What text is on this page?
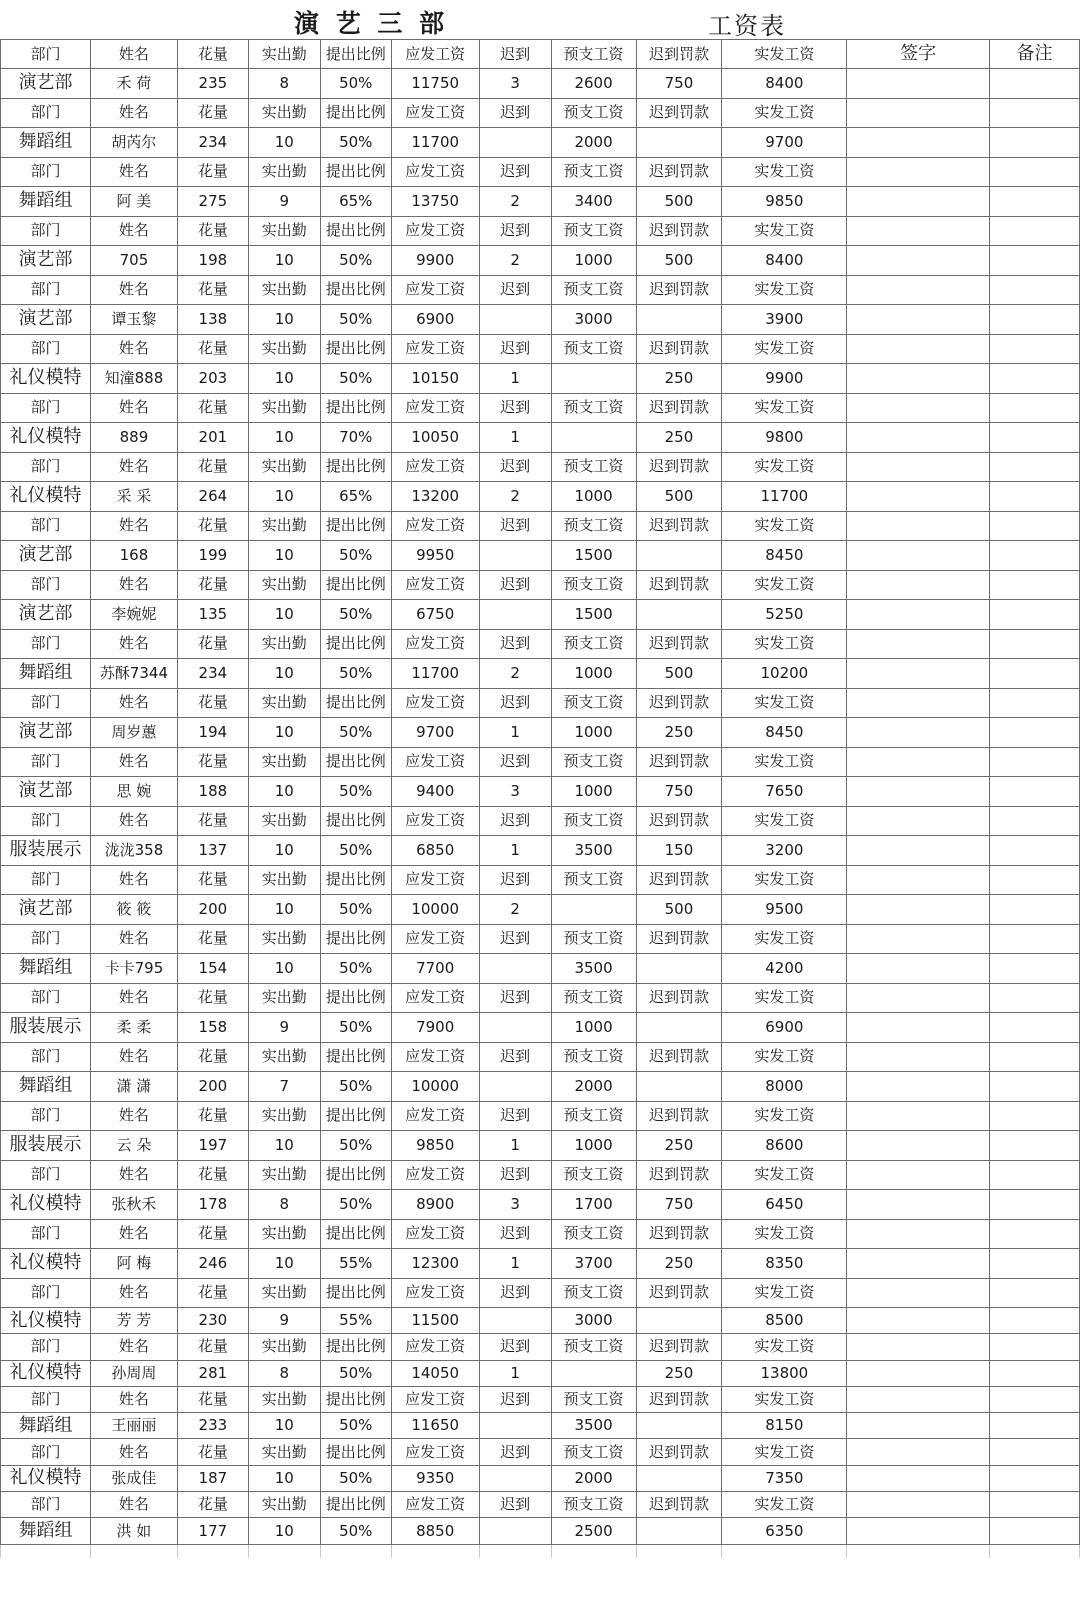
演 艺 三 部	工资表
部门	姓名	花量	实出勤	提出比例	应发工资	迟到	预支工资	迟到罚款	实发工资	签字	备注
演艺部	禾 荷	235	8	50%	11750	3	2600	750	8400		
部门	姓名	花量	实出勤	提出比例	应发工资	迟到	预支工资	迟到罚款	实发工资		
舞蹈组	胡芮尔	234	10	50%	11700		2000		9700		
部门	姓名	花量	实出勤	提出比例	应发工资	迟到	预支工资	迟到罚款	实发工资		
舞蹈组	阿 美	275	9	65%	13750	2	3400	500	9850		
部门	姓名	花量	实出勤	提出比例	应发工资	迟到	预支工资	迟到罚款	实发工资		
演艺部	705	198	10	50%	9900	2	1000	500	8400		
部门	姓名	花量	实出勤	提出比例	应发工资	迟到	预支工资	迟到罚款	实发工资		
演艺部	谭玉黎	138	10	50%	6900		3000		3900		
部门	姓名	花量	实出勤	提出比例	应发工资	迟到	预支工资	迟到罚款	实发工资		
礼仪模特	知潼888	203	10	50%	10150	1		250	9900		
部门	姓名	花量	实出勤	提出比例	应发工资	迟到	预支工资	迟到罚款	实发工资		
礼仪模特	889	201	10	70%	10050	1		250	9800		
部门	姓名	花量	实出勤	提出比例	应发工资	迟到	预支工资	迟到罚款	实发工资		
礼仪模特	采 采	264	10	65%	13200	2	1000	500	11700		
部门	姓名	花量	实出勤	提出比例	应发工资	迟到	预支工资	迟到罚款	实发工资		
演艺部	168	199	10	50%	9950		1500		8450		
部门	姓名	花量	实出勤	提出比例	应发工资	迟到	预支工资	迟到罚款	实发工资		
演艺部	李婉妮	135	10	50%	6750		1500		5250		
部门	姓名	花量	实出勤	提出比例	应发工资	迟到	预支工资	迟到罚款	实发工资		
舞蹈组	苏酥7344	234	10	50%	11700	2	1000	500	10200		
部门	姓名	花量	实出勤	提出比例	应发工资	迟到	预支工资	迟到罚款	实发工资		
演艺部	周岁蕙	194	10	50%	9700	1	1000	250	8450		
部门	姓名	花量	实出勤	提出比例	应发工资	迟到	预支工资	迟到罚款	实发工资		
演艺部	思 婉	188	10	50%	9400	3	1000	750	7650		
部门	姓名	花量	实出勤	提出比例	应发工资	迟到	预支工资	迟到罚款	实发工资		
服装展示	泷泷358	137	10	50%	6850	1	3500	150	3200		
部门	姓名	花量	实出勤	提出比例	应发工资	迟到	预支工资	迟到罚款	实发工资		
演艺部	筱 筱	200	10	50%	10000	2		500	9500		
部门	姓名	花量	实出勤	提出比例	应发工资	迟到	预支工资	迟到罚款	实发工资		
舞蹈组	卡卡795	154	10	50%	7700		3500		4200		
部门	姓名	花量	实出勤	提出比例	应发工资	迟到	预支工资	迟到罚款	实发工资		
服装展示	柔 柔	158	9	50%	7900		1000		6900		
部门	姓名	花量	实出勤	提出比例	应发工资	迟到	预支工资	迟到罚款	实发工资		
舞蹈组	潇 潇	200	7	50%	10000		2000		8000		
部门	姓名	花量	实出勤	提出比例	应发工资	迟到	预支工资	迟到罚款	实发工资		
服装展示	云 朵	197	10	50%	9850	1	1000	250	8600		
部门	姓名	花量	实出勤	提出比例	应发工资	迟到	预支工资	迟到罚款	实发工资		
礼仪模特	张秋禾	178	8	50%	8900	3	1700	750	6450		
部门	姓名	花量	实出勤	提出比例	应发工资	迟到	预支工资	迟到罚款	实发工资		
礼仪模特	阿 梅	246	10	55%	12300	1	3700	250	8350		
部门	姓名	花量	实出勤	提出比例	应发工资	迟到	预支工资	迟到罚款	实发工资		
礼仪模特	芳 芳	230	9	55%	11500		3000		8500		
部门	姓名	花量	实出勤	提出比例	应发工资	迟到	预支工资	迟到罚款	实发工资		
礼仪模特	孙周周	281	8	50%	14050	1		250	13800		
部门	姓名	花量	实出勤	提出比例	应发工资	迟到	预支工资	迟到罚款	实发工资		
舞蹈组	王丽丽	233	10	50%	11650		3500		8150		
部门	姓名	花量	实出勤	提出比例	应发工资	迟到	预支工资	迟到罚款	实发工资		
礼仪模特	张成佳	187	10	50%	9350		2000		7350		
部门	姓名	花量	实出勤	提出比例	应发工资	迟到	预支工资	迟到罚款	实发工资		
舞蹈组	洪 如	177	10	50%	8850		2500		6350		
